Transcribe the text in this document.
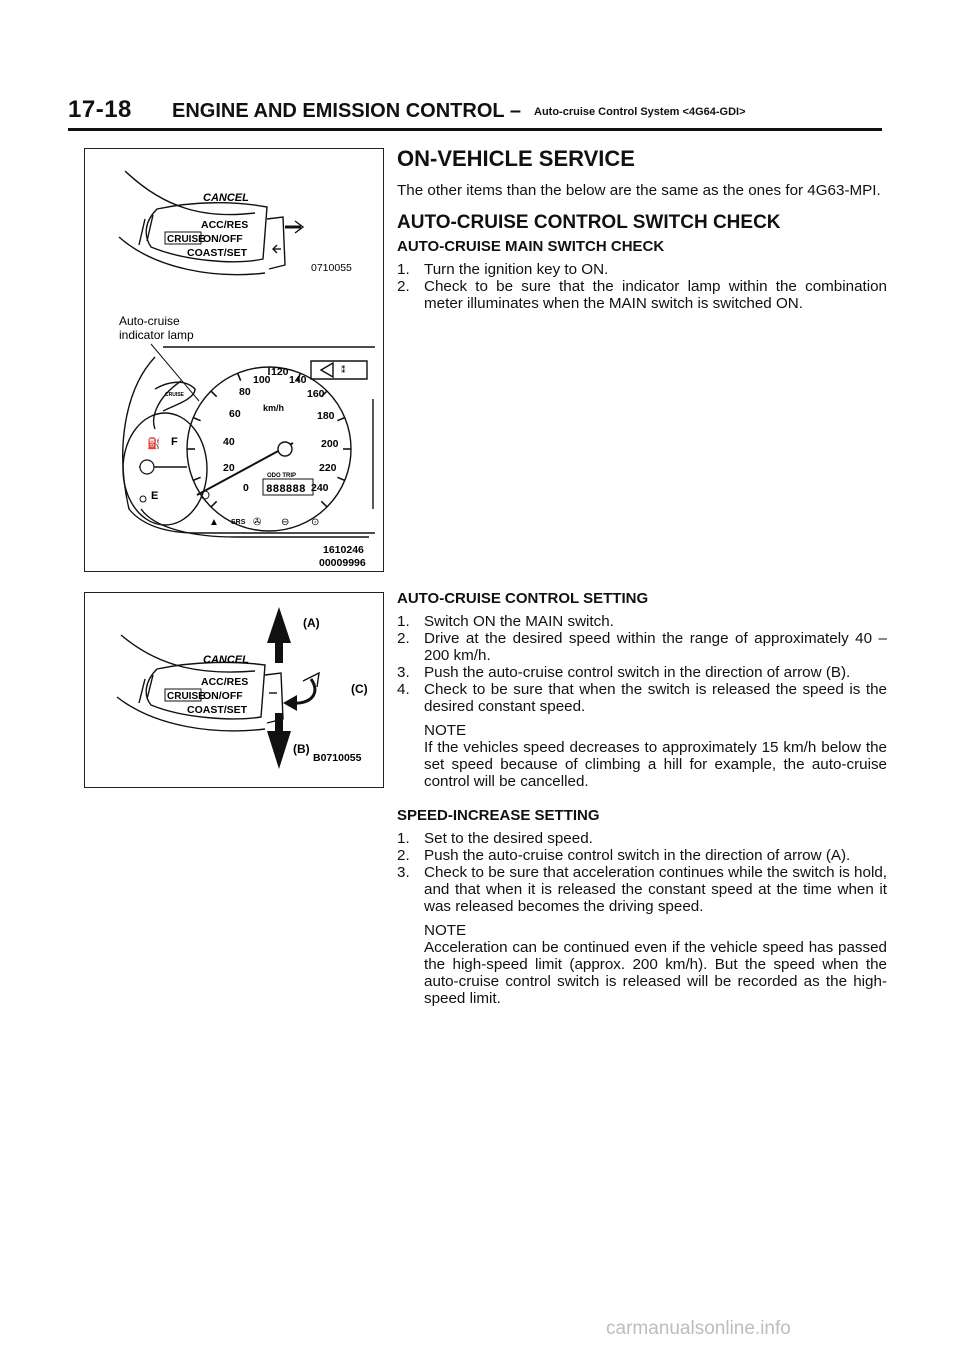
17-18 ENGINE AND EMISSION CONTROL – Auto-cruise Control System <4G64-GDI>
CANCEL
ACC/RES
CRUISE
ON/OFF
COAST/SET
0710055
Auto-cruise
indicator lamp
0
20
40
60
80
100
120
140
160
180
200
220
240
km/h
ODO TRIP
888888
F
E
⛽
CRUISE
SRS
▲	✇ ⊖ ⊙
⁑
1610246
00009996
CANCEL
ACC/RES
CRUISE
ON/OFF
COAST/SET
(A)
(C)
(B)
B0710055

ON-VEHICLE SERVICE

The other items than the below are the same as the ones for 4G63-MPI.

AUTO-CRUISE CONTROL SWITCH CHECK

AUTO-CRUISE MAIN SWITCH CHECK

1. Turn the ignition key to ON.
2. Check to be sure that the indicator lamp within the combination meter illuminates when the MAIN switch is switched ON.

AUTO-CRUISE CONTROL SETTING

1. Switch ON the MAIN switch.
2. Drive at the desired speed within the range of approximately 40 – 200 km/h.
3. Push the auto-cruise control switch in the direction of arrow (B).
4. Check to be sure that when the switch is released the speed is the desired constant speed.
NOTE
If the vehicles speed decreases to approximately 15 km/h below the set speed because of climbing a hill for example, the auto-cruise control will be cancelled.

SPEED-INCREASE SETTING

1. Set to the desired speed.
2. Push the auto-cruise control switch in the direction of arrow (A).
3. Check to be sure that acceleration continues while the switch is hold, and that when it is released the constant speed at the time when it was released becomes the driving speed.
NOTE
Acceleration can be continued even if the vehicle speed has passed the high-speed limit (approx. 200 km/h). But the speed when the auto-cruise control switch is released will be recorded as the high-speed limit.
carmanualsonline.info
